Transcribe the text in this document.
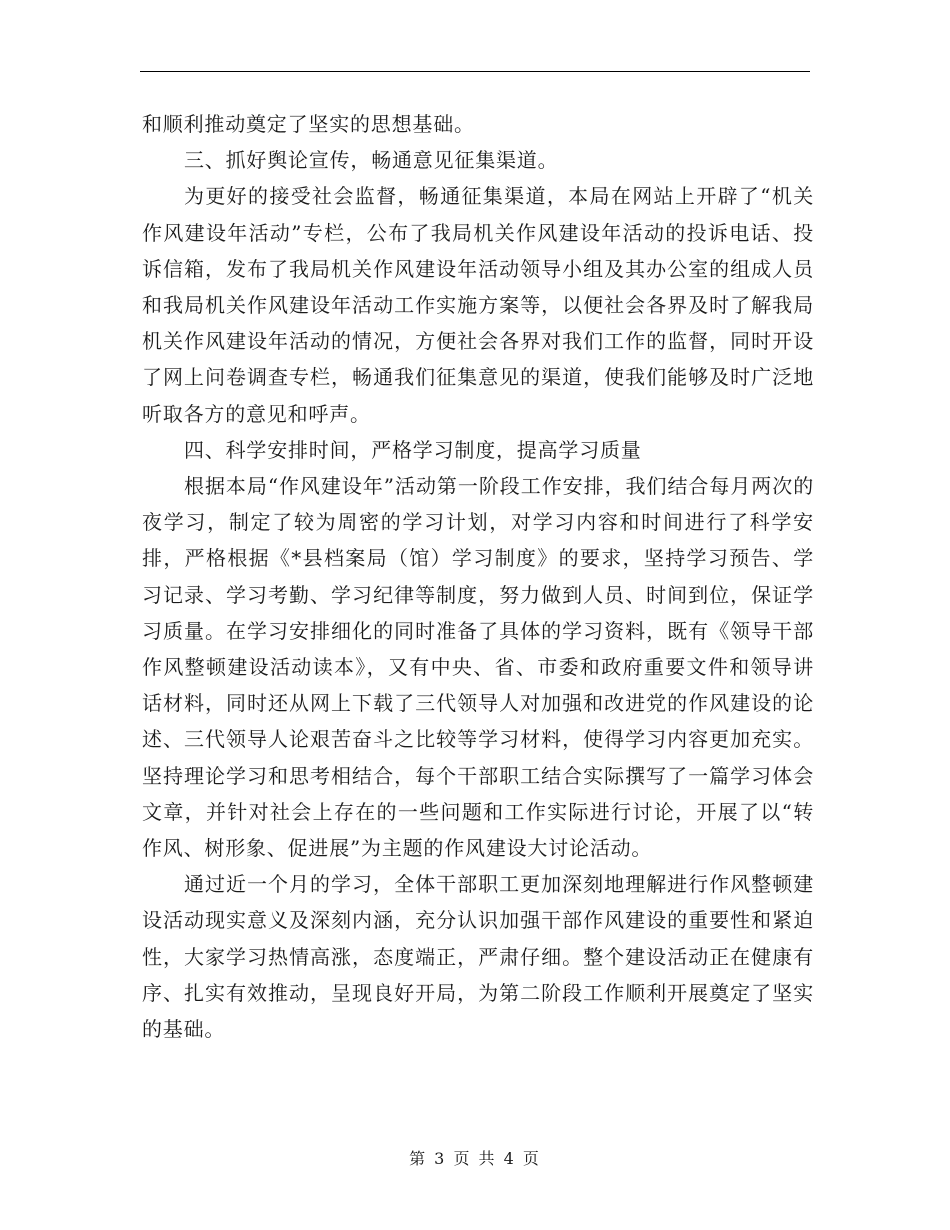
和顺利推动奠定了坚实的思想基础。

三、抓好舆论宣传，畅通意见征集渠道。

为更好的接受社会监督，畅通征集渠道，本局在网站上开辟了“机关作风建设年活动”专栏，公布了我局机关作风建设年活动的投诉电话、投诉信箱，发布了我局机关作风建设年活动领导小组及其办公室的组成人员和我局机关作风建设年活动工作实施方案等，以便社会各界及时了解我局机关作风建设年活动的情况，方便社会各界对我们工作的监督，同时开设了网上问卷调查专栏，畅通我们征集意见的渠道，使我们能够及时广泛地听取各方的意见和呼声。

四、科学安排时间，严格学习制度，提高学习质量

根据本局“作风建设年”活动第一阶段工作安排，我们结合每月两次的夜学习，制定了较为周密的学习计划，对学习内容和时间进行了科学安排，严格根据《*县档案局（馆）学习制度》的要求，坚持学习预告、学习记录、学习考勤、学习纪律等制度，努力做到人员、时间到位，保证学习质量。在学习安排细化的同时准备了具体的学习资料，既有《领导干部作风整顿建设活动读本》，又有中央、省、市委和政府重要文件和领导讲话材料，同时还从网上下载了三代领导人对加强和改进党的作风建设的论述、三代领导人论艰苦奋斗之比较等学习材料，使得学习内容更加充实。坚持理论学习和思考相结合，每个干部职工结合实际撰写了一篇学习体会文章，并针对社会上存在的一些问题和工作实际进行讨论，开展了以“转作风、树形象、促进展”为主题的作风建设大讨论活动。

通过近一个月的学习，全体干部职工更加深刻地理解进行作风整顿建设活动现实意义及深刻内涵，充分认识加强干部作风建设的重要性和紧迫性，大家学习热情高涨，态度端正，严肃仔细。整个建设活动正在健康有序、扎实有效推动，呈现良好开局，为第二阶段工作顺利开展奠定了坚实的基础。

第 3 页 共 4 页
